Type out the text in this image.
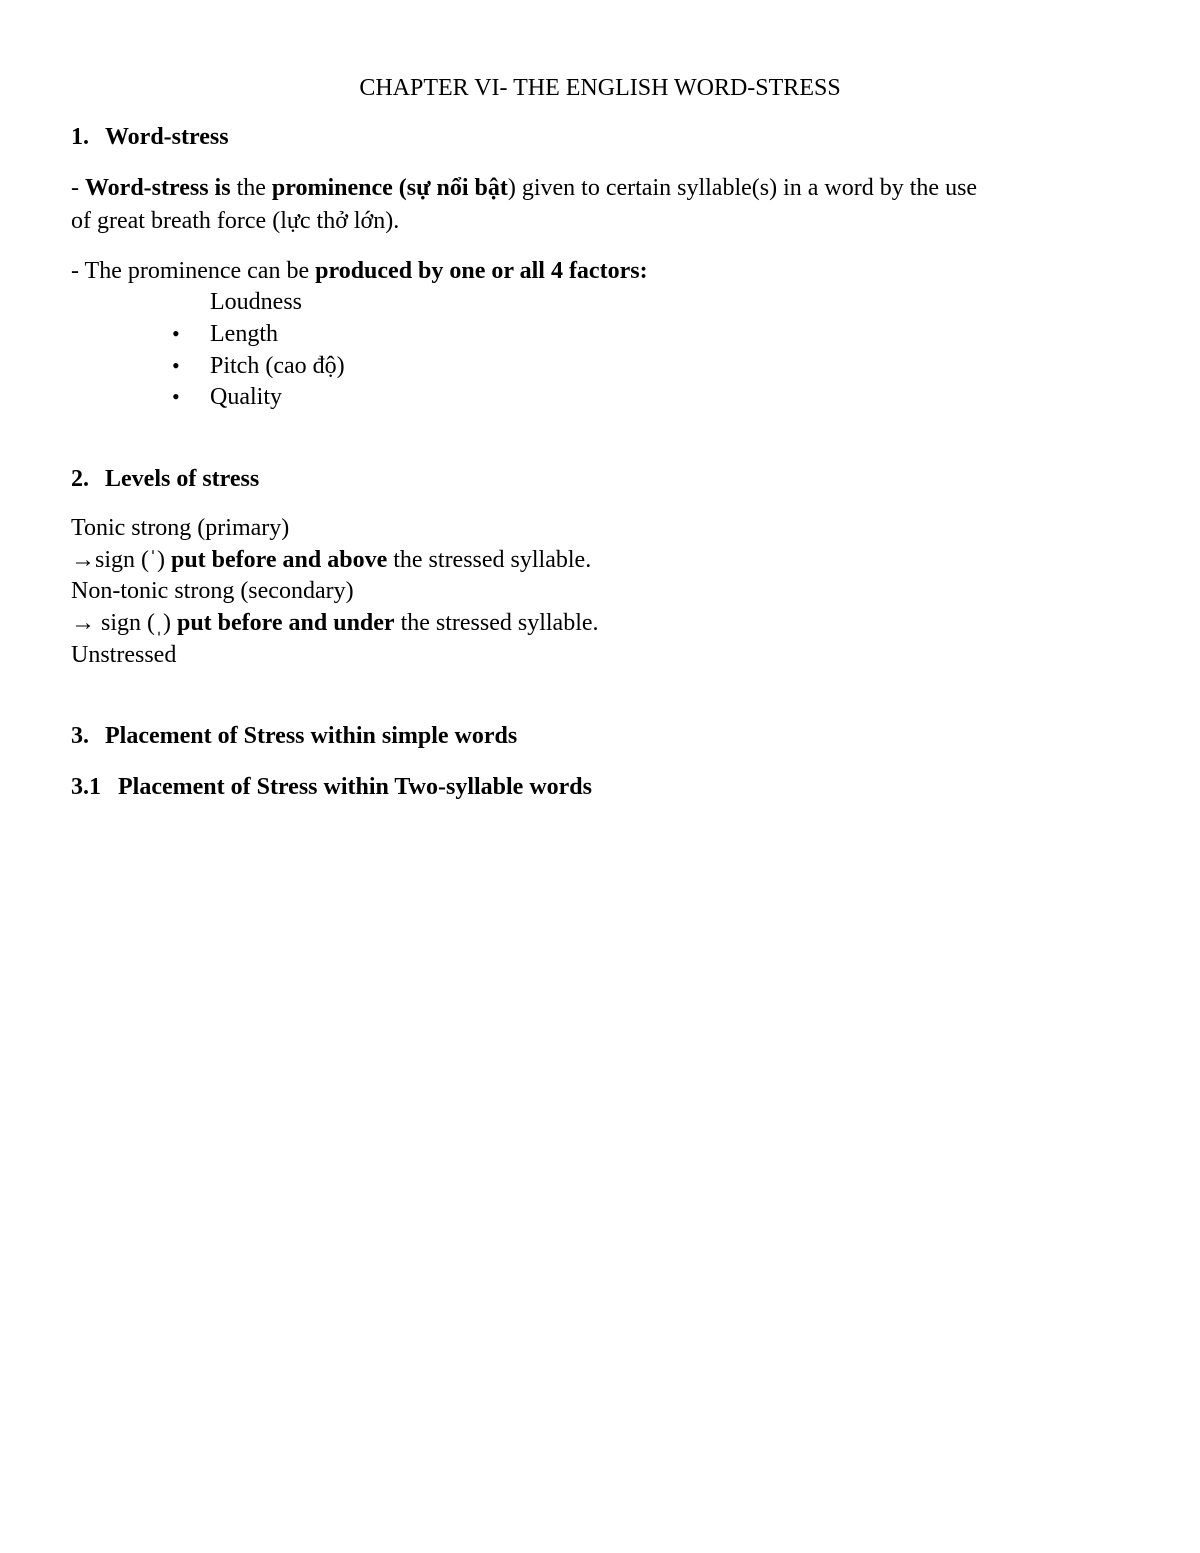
CHAPTER VI- THE ENGLISH WORD-STRESS
1. Word-stress
- Word-stress is the prominence (sự nổi bật) given to certain syllable(s) in a word by the use
of great breath force (lực thở lớn).
- The prominence can be produced by one or all 4 factors:
Loudness
• Length
• Pitch (cao độ)
• Quality
2. Levels of stress
Tonic strong (primary)
→sign (ˈ) put before and above the stressed syllable.
Non-tonic strong (secondary)
→ sign (ˌ) put before and under the stressed syllable.
Unstressed
3. Placement of Stress within simple words
3.1 Placement of Stress within Two-syllable words
